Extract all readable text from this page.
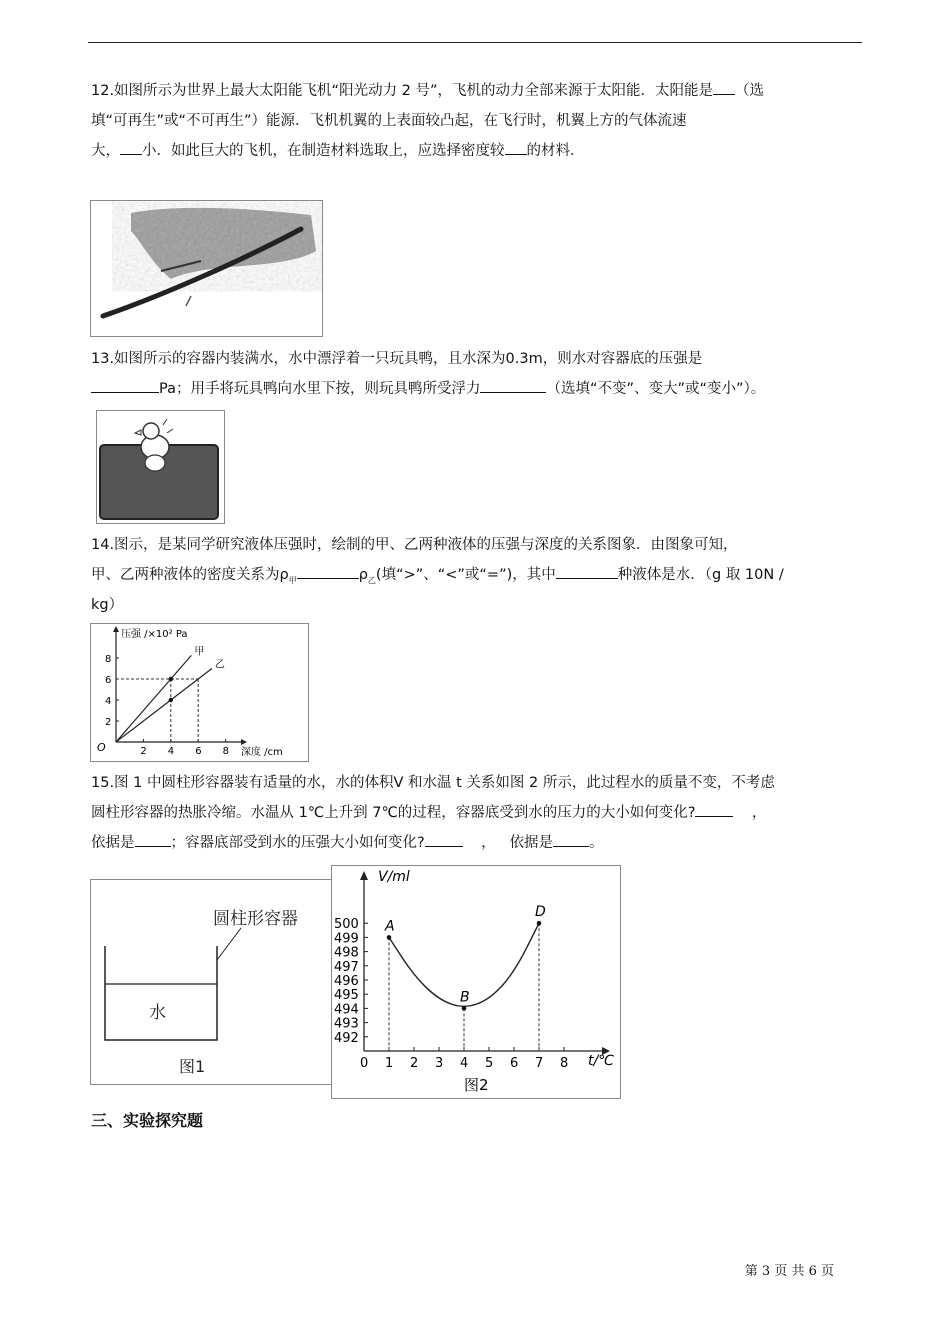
12.如图所示为世界上最大太阳能飞机“阳光动力 2 号”，飞机的动力全部来源于太阳能．太阳能是 （选
填“可再生”或“不可再生”）能源．飞机机翼的上表面较凸起，在飞行时，机翼上方的气体流速
大， 小．如此巨大的飞机，在制造材料选取上，应选择密度较 的材料．
13.如图所示的容器内装满水，水中漂浮着一只玩具鸭，且水深为0.3m，则水对容器底的压强是
Pa；用手将玩具鸭向水里下按，则玩具鸭所受浮力	（选填“不变”、变大”或“变小”）。
14.图示，是某同学研究液体压强时，绘制的甲、乙两种液体的压强与深度的关系图象．由图象可知，
甲、乙两种液体的密度关系为$\rho_甲$	$\rho_乙$(填“>”、“<”或“=”)，其中	种液体是水．（g 取 10N /
kg）
压强 /×10² Pa
深度 /cm
O	2 4 6 8
2
4
6
8
甲
乙
15.图 1 中圆柱形容器装有适量的水，水的体积V 和水温 t 关系如图 2 所示，此过程水的质量不变，不考虑
圆柱形容器的热胀冷缩。水温从 1℃上升到 7℃的过程，容器底受到水的压力的大小如何变化?	，
依据是 ；容器底部受到水的压强大小如何变化?	， 依据是 。
圆柱形容器
水
图1
V/ml
t/℃
0 1 2 3 4 5 6 7 8
492
493
494
495
496
497
498
499
500 A
B
D
图2
三、实验探究题
第 3 页 共 6 页
